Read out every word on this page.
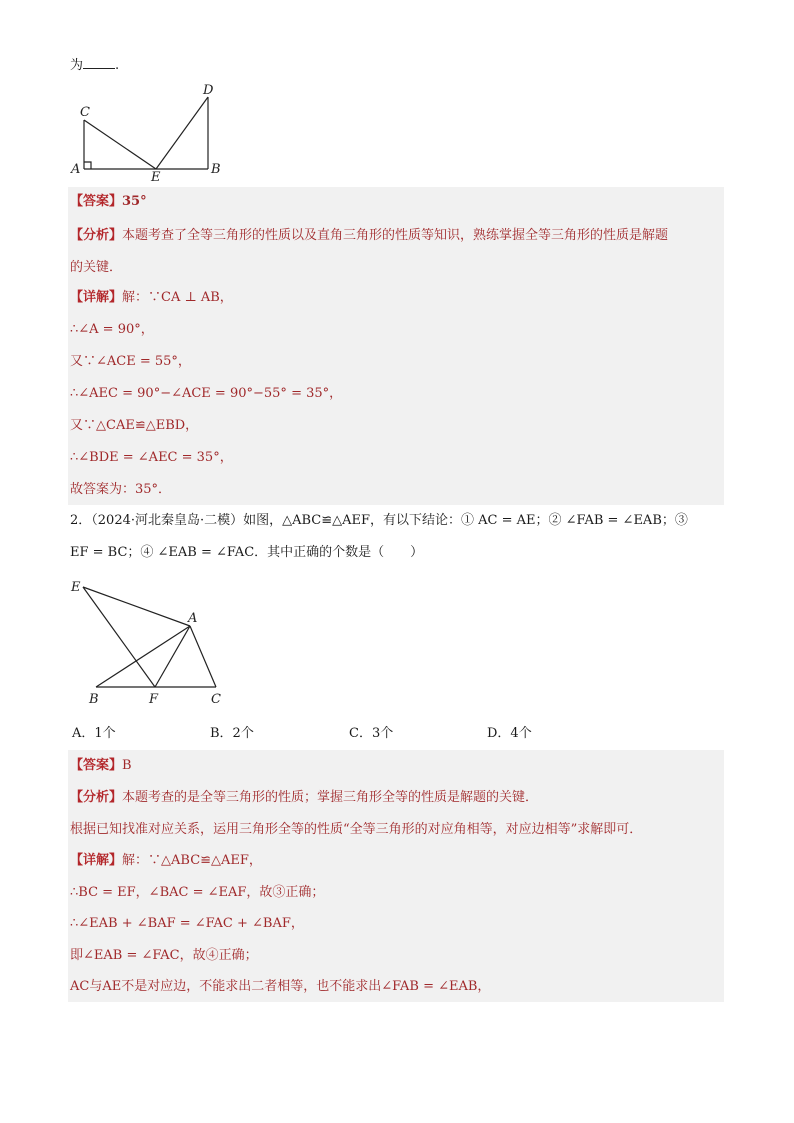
为 .
C
D
A
E
B
【答案】35°
【分析】本题考查了全等三角形的性质以及直角三角形的性质等知识，熟练掌握全等三角形的性质是解题
的关键．
【详解】解：∵CA ⊥ AB，
∴∠A = 90°，
又∵∠ACE = 55°，
∴∠AEC = 90°−∠ACE = 90°−55° = 35°，
又∵△CAE≌△EBD，
∴∠BDE = ∠AEC = 35°，
故答案为：35°．
2．（2024·河北秦皇岛·二模）如图，△ABC≌△AEF，有以下结论：① AC = AE；② ∠FAB = ∠EAB；③
EF = BC；④ ∠EAB = ∠FAC．其中正确的个数是（　　）
E
A
B	F	C
A．1个	B．2个	C．3个	D．4个
【答案】B
【分析】本题考查的是全等三角形的性质；掌握三角形全等的性质是解题的关键．
根据已知找准对应关系，运用三角形全等的性质“全等三角形的对应角相等，对应边相等”求解即可．
【详解】解：∵△ABC≌△AEF，
∴BC = EF，∠BAC = ∠EAF，故③正确；
∴∠EAB + ∠BAF = ∠FAC + ∠BAF，
即∠EAB = ∠FAC，故④正确；
AC与AE不是对应边，不能求出二者相等，也不能求出∠FAB = ∠EAB，
